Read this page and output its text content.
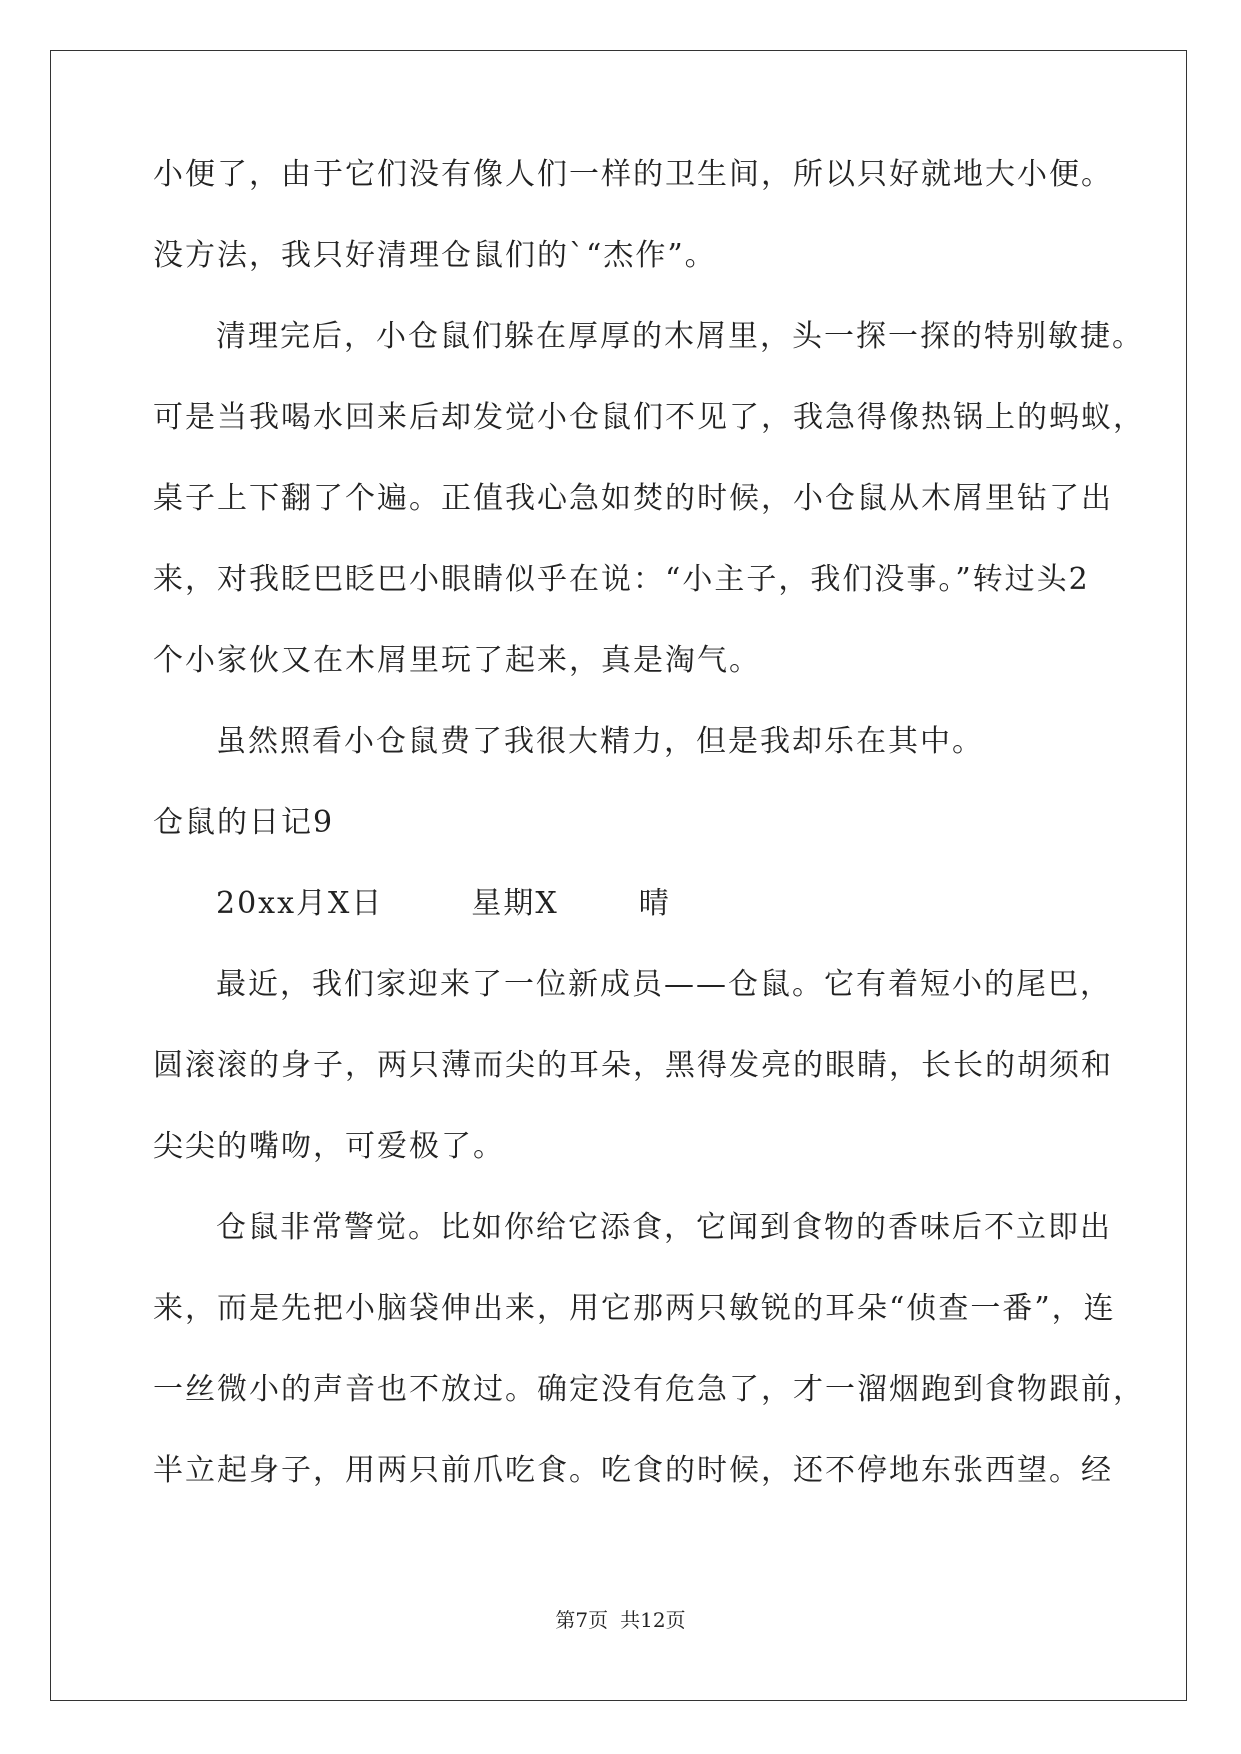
小便了，由于它们没有像人们一样的卫生间，所以只好就地大小便。
没方法，我只好清理仓鼠们的`“杰作”。
清理完后，小仓鼠们躲在厚厚的木屑里，头一探一探的特别敏捷。
可是当我喝水回来后却发觉小仓鼠们不见了，我急得像热锅上的蚂蚁，
桌子上下翻了个遍。正值我心急如焚的时候，小仓鼠从木屑里钻了出
来，对我眨巴眨巴小眼睛似乎在说：“小主子，我们没事。”转过头2
个小家伙又在木屑里玩了起来，真是淘气。
虽然照看小仓鼠费了我很大精力，但是我却乐在其中。
仓鼠的日记9
20xx月X日	星期X	晴
最近，我们家迎来了一位新成员——仓鼠。它有着短小的尾巴，
圆滚滚的身子，两只薄而尖的耳朵，黑得发亮的眼睛，长长的胡须和
尖尖的嘴吻，可爱极了。
仓鼠非常警觉。比如你给它添食，它闻到食物的香味后不立即出
来，而是先把小脑袋伸出来，用它那两只敏锐的耳朵“侦查一番”，连
一丝微小的声音也不放过。确定没有危急了，才一溜烟跑到食物跟前，
半立起身子，用两只前爪吃食。吃食的时候，还不停地东张西望。经
第7页 共12页
